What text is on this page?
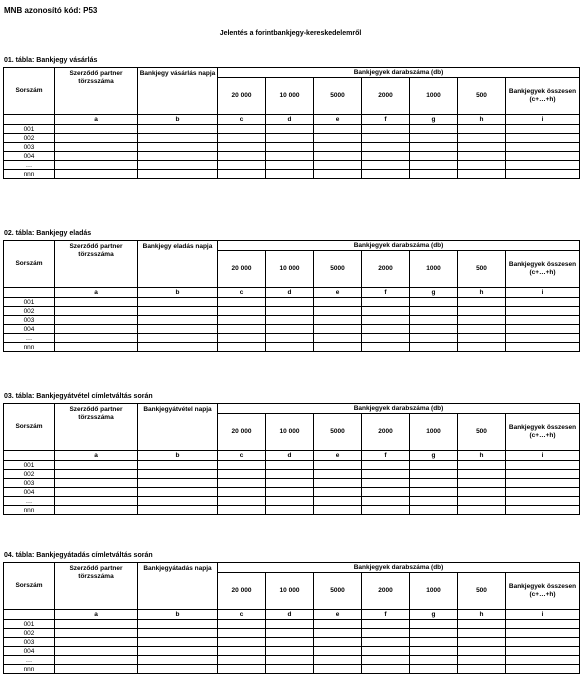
MNB azonosító kód: P53
Jelentés a forintbankjegy-kereskedelemről
01. tábla: Bankjegy vásárlás
Sorszám	Szerződő partner törzsszáma	Bankjegy vásárlás napja	Bankjegyek darabszáma (db)						
			20 000	10 000	5000	2000	1000	500	Bankjegyek összesen (c+…+h)
	a	b	c	d	e	f	g	h	i
001									
002									
003									
004									
…									
nnn									
02. tábla: Bankjegy eladás
Sorszám	Szerződő partner törzsszáma	Bankjegy eladás napja	Bankjegyek darabszáma (db)						
			20 000	10 000	5000	2000	1000	500	Bankjegyek összesen (c+…+h)
	a	b	c	d	e	f	g	h	i
001									
002									
003									
004									
…									
nnn									
03. tábla: Bankjegyátvétel címletváltás során
Sorszám	Szerződő partner törzsszáma	Bankjegyátvétel napja	Bankjegyek darabszáma (db)						
			20 000	10 000	5000	2000	1000	500	Bankjegyek összesen (c+…+h)
	a	b	c	d	e	f	g	h	i
001									
002									
003									
004									
…									
nnn									
04. tábla: Bankjegyátadás címletváltás során
Sorszám	Szerződő partner törzsszáma	Bankjegyátadás napja	Bankjegyek darabszáma (db)						
			20 000	10 000	5000	2000	1000	500	Bankjegyek összesen (c+…+h)
	a	b	c	d	e	f	g	h	i
001									
002									
003									
004									
…									
nnn									
